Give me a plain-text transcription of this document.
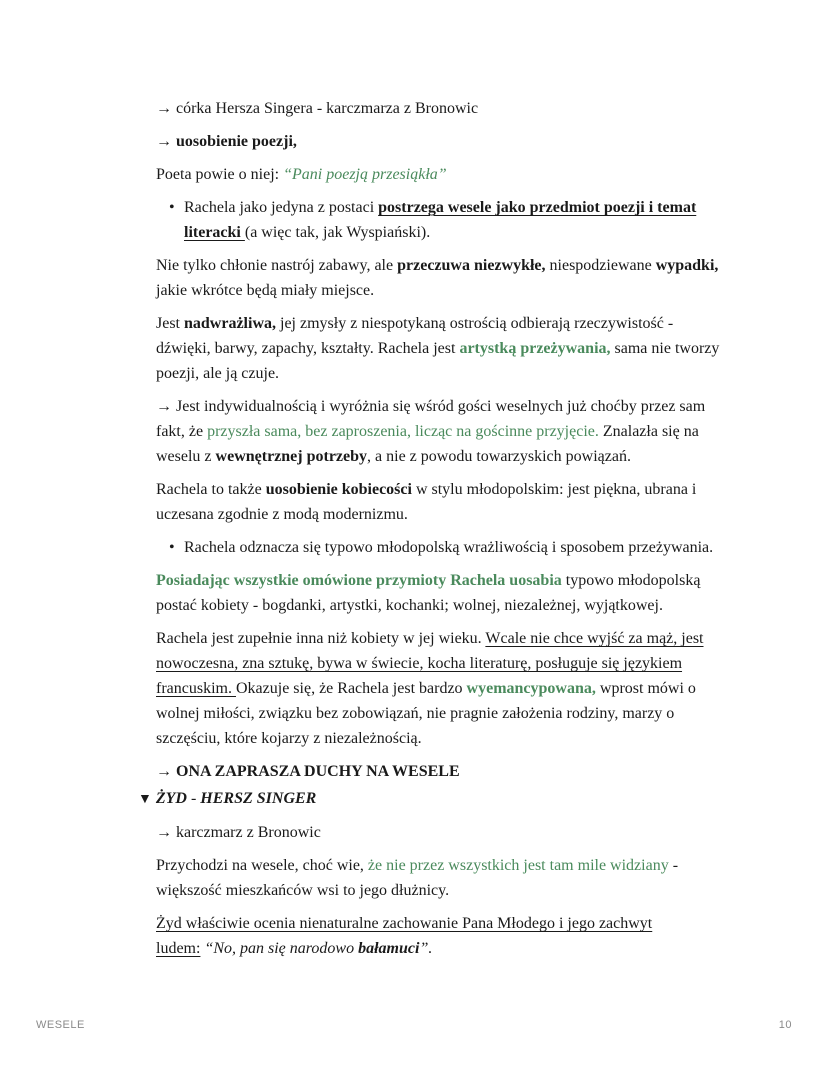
→ córka Hersza Singera - karczmarza z Bronowic

→ uosobienie poezji,

Poeta powie o niej: “Pani poezją przesiąkła”

• Rachela jako jedyna z postaci postrzega wesele jako przedmiot poezji i temat
literacki (a więc tak, jak Wyspiański).

Nie tylko chłonie nastrój zabawy, ale przeczuwa niezwykłe, niespodziewane wypadki,
jakie wkrótce będą miały miejsce.

Jest nadwrażliwa, jej zmysły z niespotykaną ostrością odbierają rzeczywistość -
dźwięki, barwy, zapachy, kształty. Rachela jest artystką przeżywania, sama nie tworzy
poezji, ale ją czuje.

→ Jest indywidualnością i wyróżnia się wśród gości weselnych już choćby przez sam
fakt, że przyszła sama, bez zaproszenia, licząc na gościnne przyjęcie. Znalazła się na
weselu z wewnętrznej potrzeby, a nie z powodu towarzyskich powiązań.

Rachela to także uosobienie kobiecości w stylu młodopolskim: jest piękna, ubrana i
uczesana zgodnie z modą modernizmu.

• Rachela odznacza się typowo młodopolską wrażliwością i sposobem przeżywania.

Posiadając wszystkie omówione przymioty Rachela uosabia typowo młodopolską
postać kobiety - bogdanki, artystki, kochanki; wolnej, niezależnej, wyjątkowej.

Rachela jest zupełnie inna niż kobiety w jej wieku. Wcale nie chce wyjść za mąż, jest
nowoczesna, zna sztukę, bywa w świecie, kocha literaturę, posługuje się językiem
francuskim. Okazuje się, że Rachela jest bardzo wyemancypowana, wprost mówi o
wolnej miłości, związku bez zobowiązań, nie pragnie założenia rodziny, marzy o
szczęściu, które kojarzy z niezależnością.

→ ONA ZAPRASZA DUCHY NA WESELE

▼ ŻYD - HERSZ SINGER

→ karczmarz z Bronowic

Przychodzi na wesele, choć wie, że nie przez wszystkich jest tam mile widziany -
większość mieszkańców wsi to jego dłużnicy.

Żyd właściwie ocenia nienaturalne zachowanie Pana Młodego i jego zachwyt
ludem: “No, pan się narodowo bałamuci”.

WESELE	10
